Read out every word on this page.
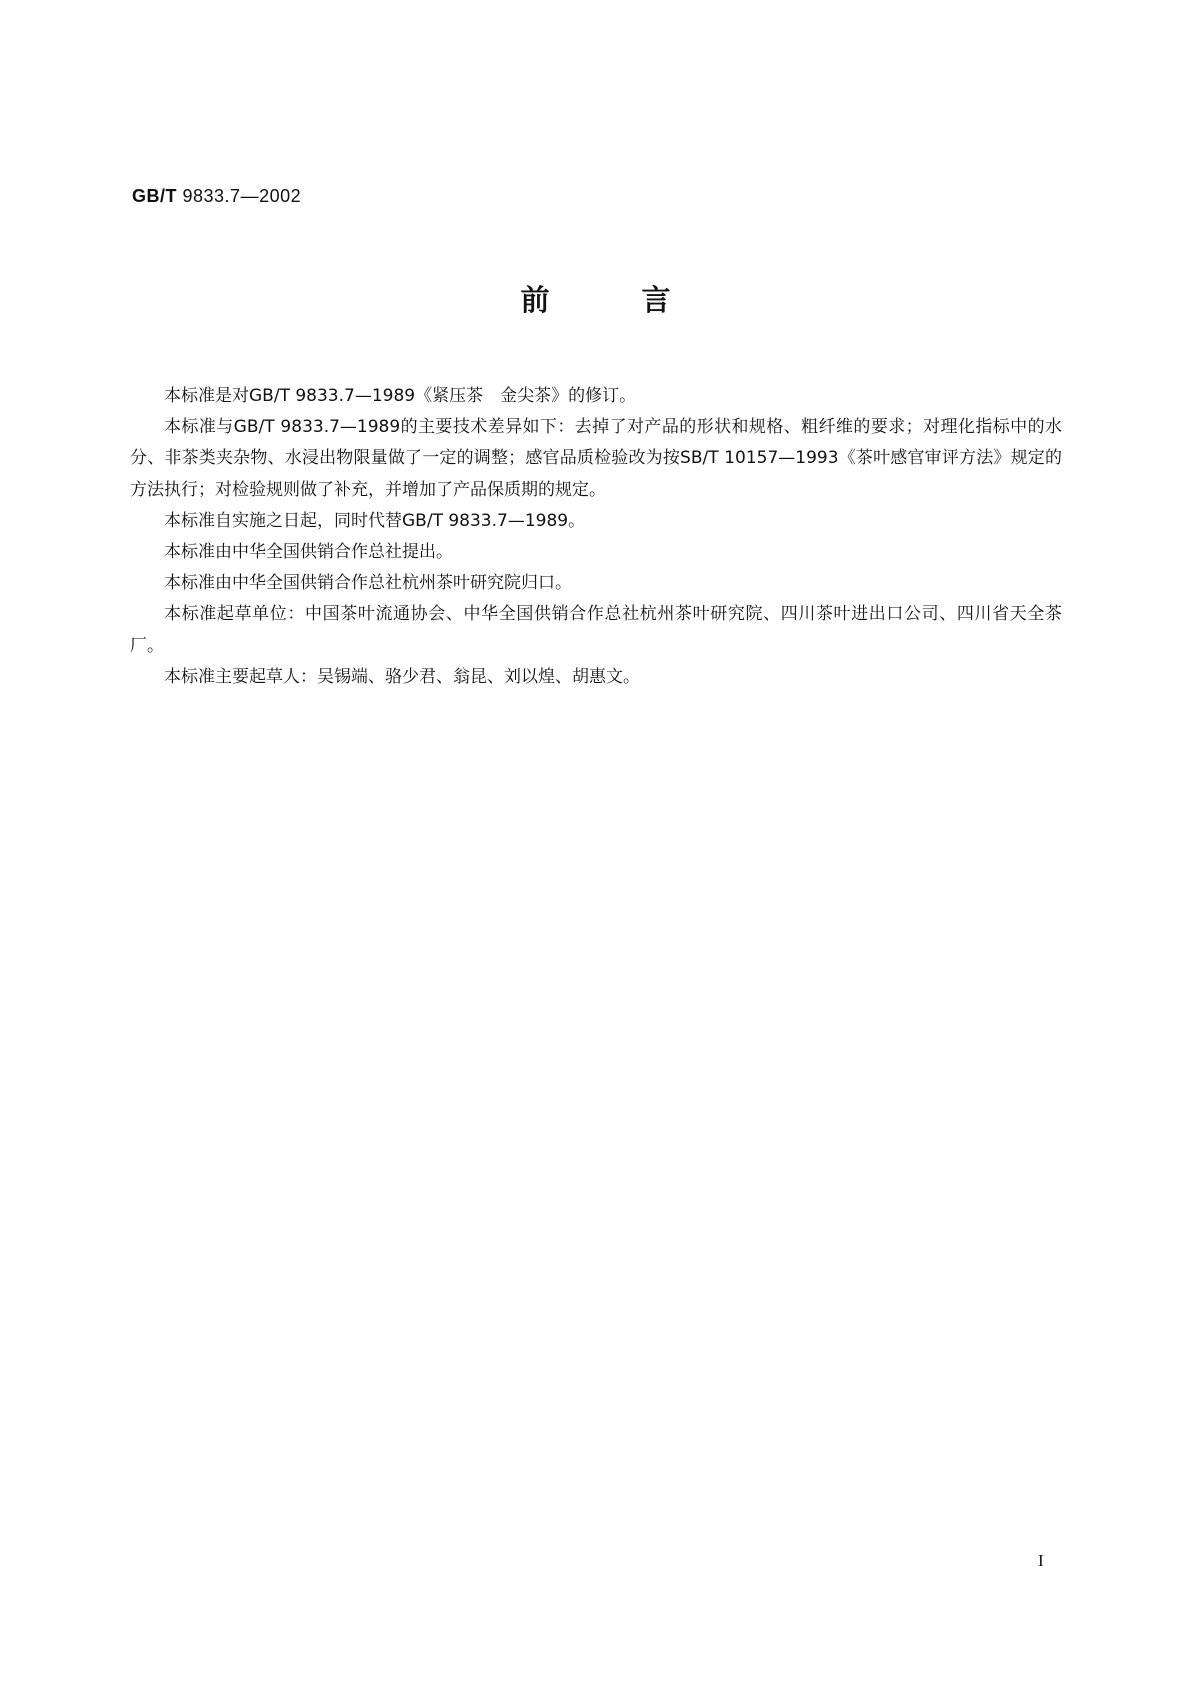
GB/T 9833.7—2002
前	言

本标准是对GB/T 9833.7—1989《紧压茶　金尖茶》的修订。

本标准与GB/T 9833.7—1989的主要技术差异如下：去掉了对产品的形状和规格、粗纤维的要求；对理化指标中的水分、非茶类夹杂物、水浸出物限量做了一定的调整；感官品质检验改为按SB/T 10157—1993《茶叶感官审评方法》规定的方法执行；对检验规则做了补充，并增加了产品保质期的规定。

本标准自实施之日起，同时代替GB/T 9833.7—1989。

本标准由中华全国供销合作总社提出。

本标准由中华全国供销合作总社杭州茶叶研究院归口。

本标准起草单位：中国茶叶流通协会、中华全国供销合作总社杭州茶叶研究院、四川茶叶进出口公司、四川省天全茶厂。

本标准主要起草人：吴锡端、骆少君、翁昆、刘以煌、胡惠文。

I
